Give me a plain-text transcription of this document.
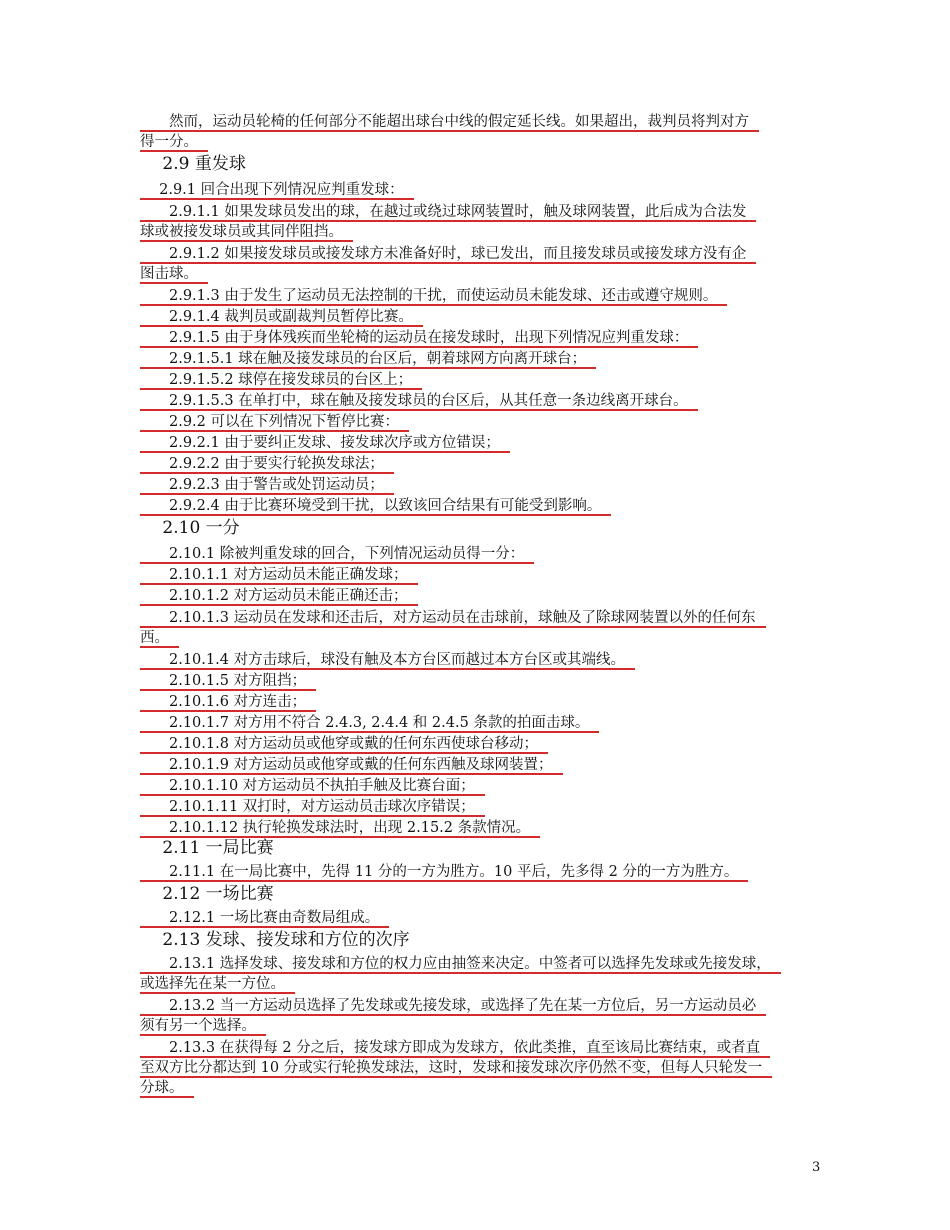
　　然而，运动员轮椅的任何部分不能超出球台中线的假定延长线。如果超出，裁判员将判对方
得一分。
　 2.9 重发球
　 2.9.1 回合出现下列情况应判重发球：
　　2.9.1.1 如果发球员发出的球，在越过或绕过球网装置时，触及球网装置，此后成为合法发
球或被接发球员或其同伴阻挡。
　　2.9.1.2 如果接发球员或接发球方未准备好时，球已发出，而且接发球员或接发球方没有企
图击球。
　　2.9.1.3 由于发生了运动员无法控制的干扰，而使运动员未能发球、还击或遵守规则。
　　2.9.1.4 裁判员或副裁判员暂停比赛。
　　2.9.1.5 由于身体残疾而坐轮椅的运动员在接发球时，出现下列情况应判重发球：
　　2.9.1.5.1 球在触及接发球员的台区后，朝着球网方向离开球台；
　　2.9.1.5.2 球停在接发球员的台区上；
　　2.9.1.5.3 在单打中，球在触及接发球员的台区后，从其任意一条边线离开球台。
　　2.9.2 可以在下列情况下暂停比赛：
　　2.9.2.1 由于要纠正发球、接发球次序或方位错误；
　　2.9.2.2 由于要实行轮换发球法；
　　2.9.2.3 由于警告或处罚运动员；
　　2.9.2.4 由于比赛环境受到干扰，以致该回合结果有可能受到影响。
　 2.10 一分
　　2.10.1 除被判重发球的回合，下列情况运动员得一分：
　　2.10.1.1 对方运动员未能正确发球；
　　2.10.1.2 对方运动员未能正确还击；
　　2.10.1.3 运动员在发球和还击后，对方运动员在击球前，球触及了除球网装置以外的任何东
西。
　　2.10.1.4 对方击球后，球没有触及本方台区而越过本方台区或其端线。
　　2.10.1.5 对方阻挡；
　　2.10.1.6 对方连击；
　　2.10.1.7 对方用不符合 2.4.3, 2.4.4 和 2.4.5 条款的拍面击球。
　　2.10.1.8 对方运动员或他穿或戴的任何东西使球台移动；
　　2.10.1.9 对方运动员或他穿或戴的任何东西触及球网装置；
　　2.10.1.10 对方运动员不执拍手触及比赛台面；
　　2.10.1.11 双打时，对方运动员击球次序错误；
　　2.10.1.12 执行轮换发球法时，出现 2.15.2 条款情况。
　 2.11 一局比赛
　　2.11.1 在一局比赛中，先得 11 分的一方为胜方。10 平后，先多得 2 分的一方为胜方。
　 2.12 一场比赛
　　2.12.1 一场比赛由奇数局组成。
　 2.13 发球、接发球和方位的次序
　　2.13.1 选择发球、接发球和方位的权力应由抽签来决定。中签者可以选择先发球或先接发球，
或选择先在某一方位。
　　2.13.2 当一方运动员选择了先发球或先接发球，或选择了先在某一方位后，另一方运动员必
须有另一个选择。
　　2.13.3 在获得每 2 分之后，接发球方即成为发球方，依此类推，直至该局比赛结束，或者直
至双方比分都达到 10 分或实行轮换发球法，这时，发球和接发球次序仍然不变，但每人只轮发一
分球。
3
